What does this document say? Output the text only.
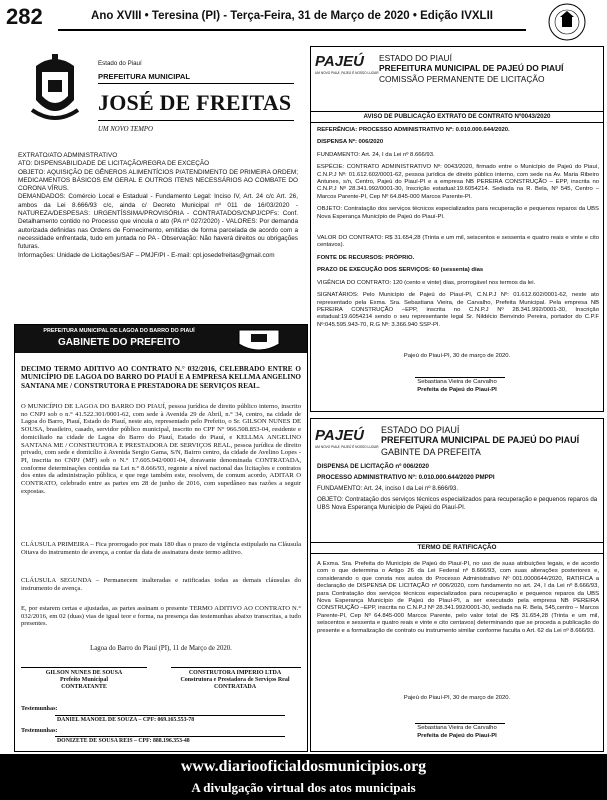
282	Ano XVIII • Teresina (PI) - Terça-Feira, 31 de Março de 2020 • Edição IVXLII
Estado do Piauí
PREFEITURA MUNICIPAL
JOSÉ DE FREITAS
UM NOVO TEMPO

EXTRATO/ATO ADMINISTRATIVO

ATO: DISPENSABILIDADE DE LICITAÇÃO/REGRA DE EXCEÇÃO

OBJETO: AQUISIÇÃO DE GÊNEROS ALIMENTÍCIOS P/ATENDIMENTO DE PRIMEIRA ORDEM; MEDICAMENTOS BÁSICOS EM GERAL E OUTROS ITENS NECESSÁRIOS AO COMBATE DO CORONA VÍRUS.

DEMANDADOS: Comércio Local e Estadual - Fundamento Legal: Inciso IV, Art. 24 c/c Art. 26, ambos da Lei 8.666/93 c/c, ainda c/ Decreto Municipal nº 011 de 16/03/2020 - NATUREZA/DESPESAS: URGENTÍSSIMA/PROVISÓRIA - CONTRATADOS/CNPJ/CPFs: Conf. Detalhamento contido no Processo que vincula o ato (PA nº 027/2020) - VALORES: Por demanda autorizada definidas nas Ordens de Fornecimento, emitidas de forma parcelada de acordo com a necessidade enfrentada, tudo em juntada no PA - Observação: Não haverá direitos ou obrigações futuras.

Informações: Unidade de Licitações/SAF – PMJF/PI - E-mail: cpl.josedefreitas@gmail.com

PREFEITURA MUNICIPAL DE LAGOA DO BARRO DO PIAUÍ
GABINETE DO PREFEITO
DECIMO TERMO ADITIVO AO CONTRATO N.° 032/2016, CELEBRADO ENTRE O MUNICÍPIO DE LAGOA DO BARRO DO PIAUÍ E A EMPRESA KELLMA ANGELINO SANTANA ME / CONSTRUTORA E PRESTADORA DE SERVIÇOS REAL.
O MUNICÍPIO DE LAGOA DO BARRO DO PIAUÍ, pessoa jurídica de direito público interno, inscrito no CNPJ sob o n.° 41.522.301/0001-62, com sede à Avenida 29 de Abril, n.° 34, centro, na cidade de Lagoa do Barro, Piauí, Estado do Piauí, neste ato, representado pelo Prefeito, o Sr. GILSON NUNES DE SOUSA, brasileiro, casado, servidor público municipal, inscrito no CPF N° 966.508.853-04, residente e domiciliado na cidade de Lagoa do Barro do Piauí, Estado do Piauí, e KELLMA ANGELINO SANTANA ME / CONSTRUTORA E PRESTADORA DE SERVIÇOS REAL, pessoa jurídica de direito privado, com sede e domicílio à Avenida Sergio Gama, S/N, Bairro centro, da cidade de Avelino Lopes - PI, inscrita no CNPJ (MF) sob o N.° 17.605.942/0001-04, doravante denominada CONTRATADA, conforme determinações contidas na Lei n.° 8.666/93, regente a nível nacional das licitações e contratos dos entes da administração pública, e que rege também este, resolvem, de comum acordo, ADITAR O CONTRATO, celebrado entre as partes em 28 de junho de 2016, com supedâneo nas razões a seguir expostas.
CLÁUSULA PRIMEIRA – Fica prorrogado por mais 180 dias o prazo de vigência estipulado na Cláusula Oitava do instrumento de avença, a contar da data de assinatura deste termo aditivo.
CLÁUSULA SEGUNDA – Permanecem inalteradas e ratificadas todas as demais cláusulas do instrumento de avença.
E, por estarem certas e ajustadas, as partes assinam o presente TERMO ADITIVO AO CONTRATO N.° 032/2016, em 02 (duas) vias de igual teor e forma, na presença das testemunhas abaixo transcritas, a tudo presentes.
Lagoa do Barro do Piauí (PI), 11 de Março de 2020.
GILSON NUNES DE SOUSA
Prefeito Municipal
CONTRATANTE
CONSTRUTORA IMPERIO LTDA
Construtora e Prestadora de Serviços Real
CONTRATADA
Testemunhas:
DANIEL MANOEL DE SOUZA – CPF: 069.165.553-78
Testemunhas:
DONIZETE DE SOUSA REIS – CPF: 888.196.353-48
PAJEÚ
UM NOVO PIAUÍ, PAJEÚ É NOSSO LUGAR
ESTADO DO PIAUÍ
PREFEITURA MUNICIPAL DE PAJEÚ DO PIAUÍ
COMISSÃO PERMANENTE DE LICITAÇÃO
AVISO DE PUBLICAÇÃO EXTRATO DE CONTRATO Nº0043/2020

REFERÊNCIA: PROCESSO ADMINISTRATIVO Nº: 0.010.000.644/2020.

DISPENSA Nº: 006/2020

FUNDAMENTO: Art. 24, I da Lei nº 8.666/93.

ESPÉCIE: CONTRATO ADMINISTRATIVO Nº: 0043/2020, firmado entre o Município de Pajeú do Piauí, C.N.P.J Nº: 01.612.602/0001-62, pessoa jurídica de direito público interno, com sede na Av. Maria Ribeiro Antunes, s/n, Centro, Pajeú do Piauí-PI e a empresa NB PEREIRA CONSTRUÇÃO – EPP, inscrita no C.N.P.J Nº 28.341.992/0001-30, Inscrição estadual:19.6054214. Sediada na R. Bela, Nº 545, Centro – Marcos Parente-PI, Cep Nº 64.845-000 Marcos Parente-PI.

OBJETO: Contratação dos serviços técnicos especializados para recuperação e pequenos reparos da UBS Nova Esperança Município de Pajeú do Piauí-PI.

VALOR DO CONTRATO: R$ 31.654,28 (Trinta e um mil, seiscentos e sessenta e quatro reais e vinte e cito centavos).

FONTE DE RECURSOS: PRÓPRIO.

PRAZO DE EXECUÇÃO DOS SERVIÇOS: 60 (sessenta) dias

VIGÊNCIA DO CONTRATO: 120 (cento e vinte) dias, prorrogável nos termos da lei.

SIGNATÁRIOS: Pelo Município de Pajeú do Piauí-PI, C.N.P.J Nº: 01.612.602/0001-62, neste ato representado pela Exma. Sra. Sebastiana Vieira, de Carvalho, Prefeita Municipal. Pela empresa NB PEREIRA CONSTRUÇÃO –EPP, inscrita no C.N.P.J Nº 28.341.992/0001-30, Inscrição estadual:19.6054214 sendo o seu representante legal Sr. Nildécio Benvindo Pereira, portador do C.P.F Nº:045.595.943-70, R.G Nº: 3.366.940 SSP-PI.

Pajeú do Piauí-PI, 30 de março de 2020.
Sebastiana Vieira de Carvalho
Prefeita de Pajeú do Piauí-PI
PAJEÚ
UM NOVO PIAUÍ, PAJEÚ É NOSSO LUGAR
ESTADO DO PIAUÍ
PREFEITURA MUNICIPAL DE PAJEÚ DO PIAUÍ
GABINTE DA PREFEITA

DISPENSA DE LICITAÇÃO nº 006/2020

PROCESSO ADMINISTRATIVO Nº: 0.010.000.644/2020 PMPPI

FUNDAMENTO: Art. 24, inciso I da Lei nº 8.666/93.

OBJETO: Contratação dos serviços técnicos especializados para recuperação e pequenos reparos da UBS Nova Esperança Município de Pajeú do Piauí-PI.

TERMO DE RATIFICAÇÃO
A Exma. Sra. Prefeita do Município de Pajeú do Piauí-PI, no uso de suas atribuições legais, e de acordo com o que determina o Artigo 26 da Lei Federal nº 8.666/93, com suas alterações posteriores e, considerando o que consta nos autos do Processo Administrativo Nº 001.0000644/2020, RATIFICA a declaração de DISPENSA DE LICITAÇÃO nº 006/2020, com fundamento no art. 24, I da Lei nº 8.666/93, para Contratação dos serviços técnicos especializados para recuperação e pequenos reparos da UBS Nova Esperança Município de Pajeú do Piauí-PI, a ser executado pela empresa NB PEREIRA CONSTRUÇÃO –EPP, inscrita no C.N.P.J Nº 28.341.992/0001-30, sediada na R. Bela, 545,centro – Marcos Parente-PI, Cep Nº 64.845-000 Marcos Parente, pelo valor total de R$ 31.654,28 (Trinta e um mil, seiscentos e sessenta e quatro reais e vinte e cito centavos) determinando que se proceda a publicação do presente e a formalização de contrato ou instrumento similar conforme faculta o Art. 62 da Lei nº 8.666/93.
Pajeú do Piauí-PI, 30 de março de 2020.
Sebastiana Vieira de Carvalho
Prefeita de Pajeú do Piauí-PI
www.diariooficialdosmunicipios.org
A divulgação virtual dos atos municipais
